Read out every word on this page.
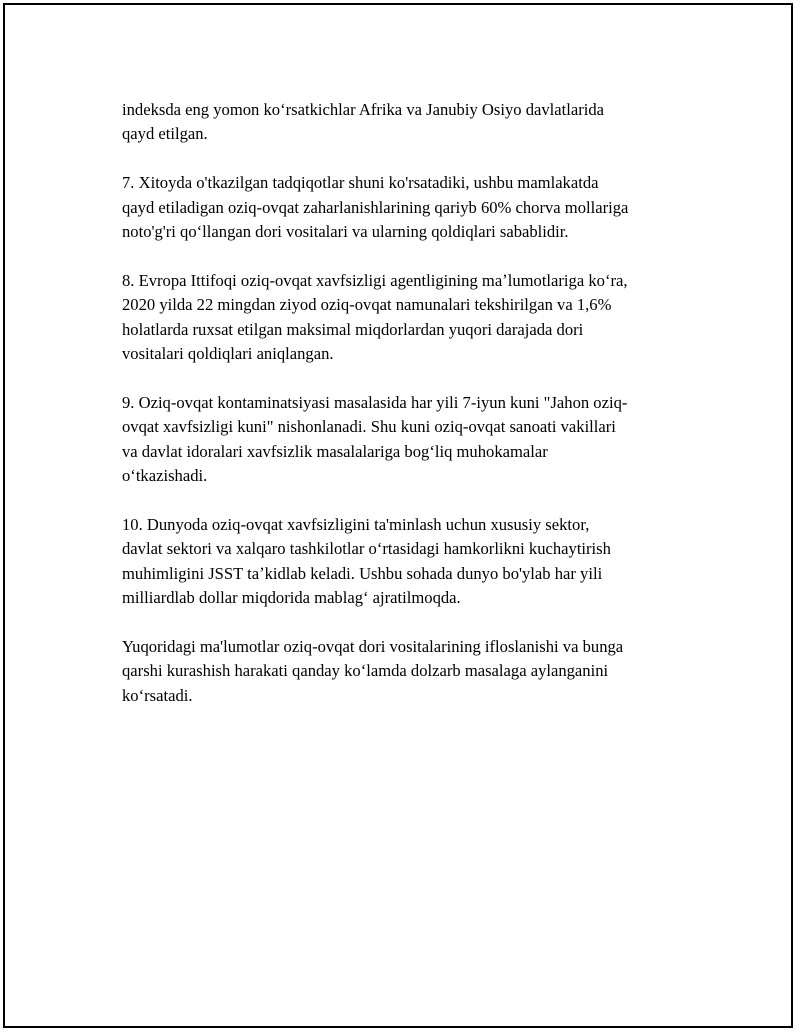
indeksda eng yomon koʻrsatkichlar Afrika va Janubiy Osiyo davlatlarida
qayd etilgan.

7. Xitoyda o'tkazilgan tadqiqotlar shuni ko'rsatadiki, ushbu mamlakatda
qayd etiladigan oziq-ovqat zaharlanishlarining qariyb 60% chorva mollariga
noto'g'ri qoʻllangan dori vositalari va ularning qoldiqlari sabablidir.

8. Evropa Ittifoqi oziq-ovqat xavfsizligi agentligining maʼlumotlariga koʻra,
2020 yilda 22 mingdan ziyod oziq-ovqat namunalari tekshirilgan va 1,6%
holatlarda ruxsat etilgan maksimal miqdorlardan yuqori darajada dori
vositalari qoldiqlari aniqlangan.

9. Oziq-ovqat kontaminatsiyasi masalasida har yili 7-iyun kuni "Jahon oziq-
ovqat xavfsizligi kuni" nishonlanadi. Shu kuni oziq-ovqat sanoati vakillari
va davlat idoralari xavfsizlik masalalariga bogʻliq muhokamalar
oʻtkazishadi.

10. Dunyoda oziq-ovqat xavfsizligini ta'minlash uchun xususiy sektor,
davlat sektori va xalqaro tashkilotlar oʻrtasidagi hamkorlikni kuchaytirish
muhimligini JSST taʼkidlab keladi. Ushbu sohada dunyo bo'ylab har yili
milliardlab dollar miqdorida mablagʻ ajratilmoqda.

Yuqoridagi ma'lumotlar oziq-ovqat dori vositalarining ifloslanishi va bunga
qarshi kurashish harakati qanday koʻlamda dolzarb masalaga aylanganini
koʻrsatadi.
